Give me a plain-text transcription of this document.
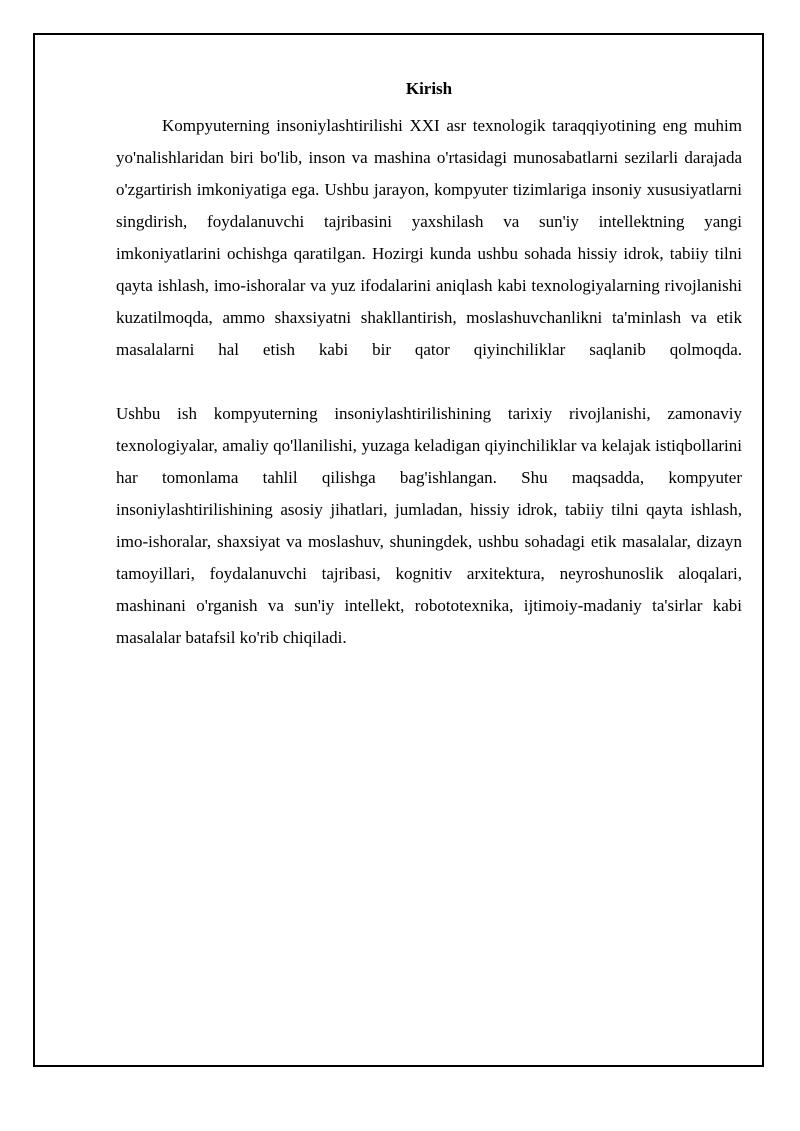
Kirish

Kompyuterning insoniylashtirilishi XXI asr texnologik taraqqiyotining eng muhim yo'nalishlaridan biri bo'lib, inson va mashina o'rtasidagi munosabatlarni sezilarli darajada o'zgartirish imkoniyatiga ega. Ushbu jarayon, kompyuter tizimlariga insoniy xususiyatlarni singdirish, foydalanuvchi tajribasini yaxshilash va sun'iy intellektning yangi imkoniyatlarini ochishga qaratilgan. Hozirgi kunda ushbu sohada hissiy idrok, tabiiy tilni qayta ishlash, imo-ishoralar va yuz ifodalarini aniqlash kabi texnologiyalarning rivojlanishi kuzatilmoqda, ammo shaxsiyatni shakllantirish, moslashuvchanlikni ta'minlash va etik masalalarni hal etish kabi bir qator qiyinchiliklar saqlanib qolmoqda.

Ushbu ish kompyuterning insoniylashtirilishining tarixiy rivojlanishi, zamonaviy texnologiyalar, amaliy qo'llanilishi, yuzaga keladigan qiyinchiliklar va kelajak istiqbollarini har tomonlama tahlil qilishga bag'ishlangan. Shu maqsadda, kompyuter insoniylashtirilishining asosiy jihatlari, jumladan, hissiy idrok, tabiiy tilni qayta ishlash, imo-ishoralar, shaxsiyat va moslashuv, shuningdek, ushbu sohadagi etik masalalar, dizayn tamoyillari, foydalanuvchi tajribasi, kognitiv arxitektura, neyroshunoslik aloqalari, mashinani o'rganish va sun'iy intellekt, robototexnika, ijtimoiy-madaniy ta'sirlar kabi masalalar batafsil ko'rib chiqiladi.
